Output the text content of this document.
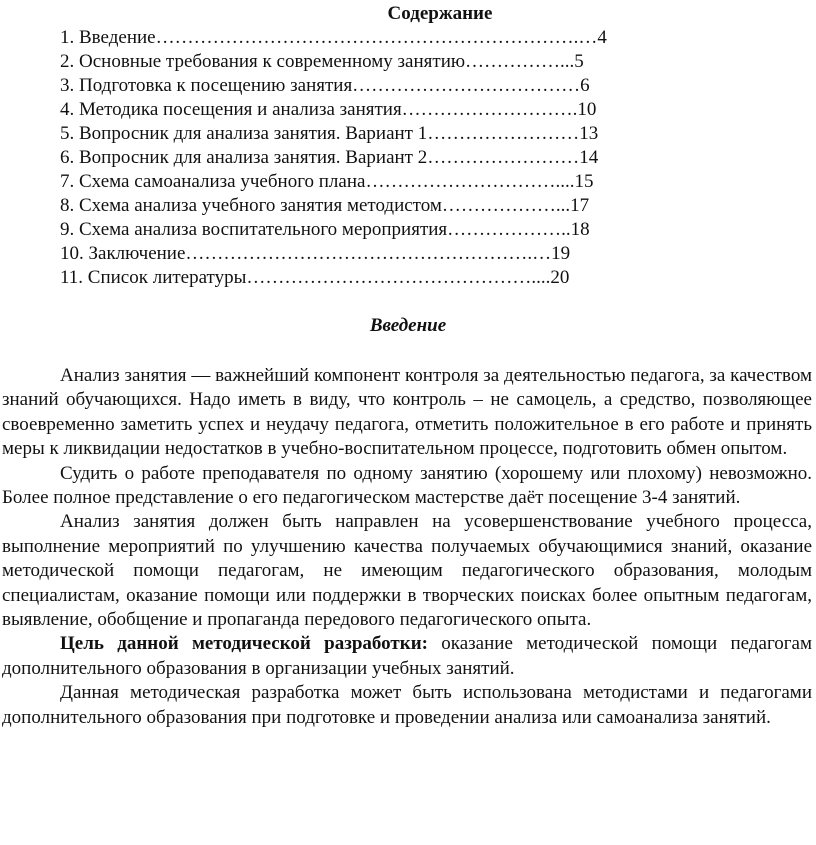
Содержание
1. Введение………………………………………………………….…4
2. Основные требования к современному занятию……………...5
3. Подготовка к посещению занятия………………………………6
4. Методика посещения и анализа занятия……………………….10
5. Вопросник для анализа занятия. Вариант 1……………………13
6. Вопросник для анализа занятия. Вариант 2……………………14
7. Схема самоанализа учебного плана…………………………....15
8. Схема анализа учебного занятия методистом………………...17
9. Схема анализа воспитательного мероприятия………………..18
10. Заключение……………………………………………….…19
11. Список литературы………………………………………....20
Введение

Анализ занятия — важнейший компонент контроля за деятельностью педагога, за качеством знаний обучающихся. Надо иметь в виду, что контроль – не самоцель, а средство, позволяющее своевременно заметить успех и неудачу педагога, отметить положительное в его работе и принять меры к ликвидации недостатков в учебно-воспитательном процессе, подготовить обмен опытом.

Судить о работе преподавателя по одному занятию (хорошему или плохому) невозможно. Более полное представление о его педагогическом мастерстве даёт посещение 3-4 занятий.

Анализ занятия должен быть направлен на усовершенствование учебного процесса, выполнение мероприятий по улучшению качества получаемых обучающимися знаний, оказание методической помощи педагогам, не имеющим педагогического образования, молодым специалистам, оказание помощи или поддержки в творческих поисках более опытным педагогам, выявление, обобщение и пропаганда передового педагогического опыта.

Цель данной методической разработки: оказание методической помощи педагогам дополнительного образования в организации учебных занятий.

Данная методическая разработка может быть использована методистами и педагогами дополнительного образования при подготовке и проведении анализа или самоанализа занятий.
